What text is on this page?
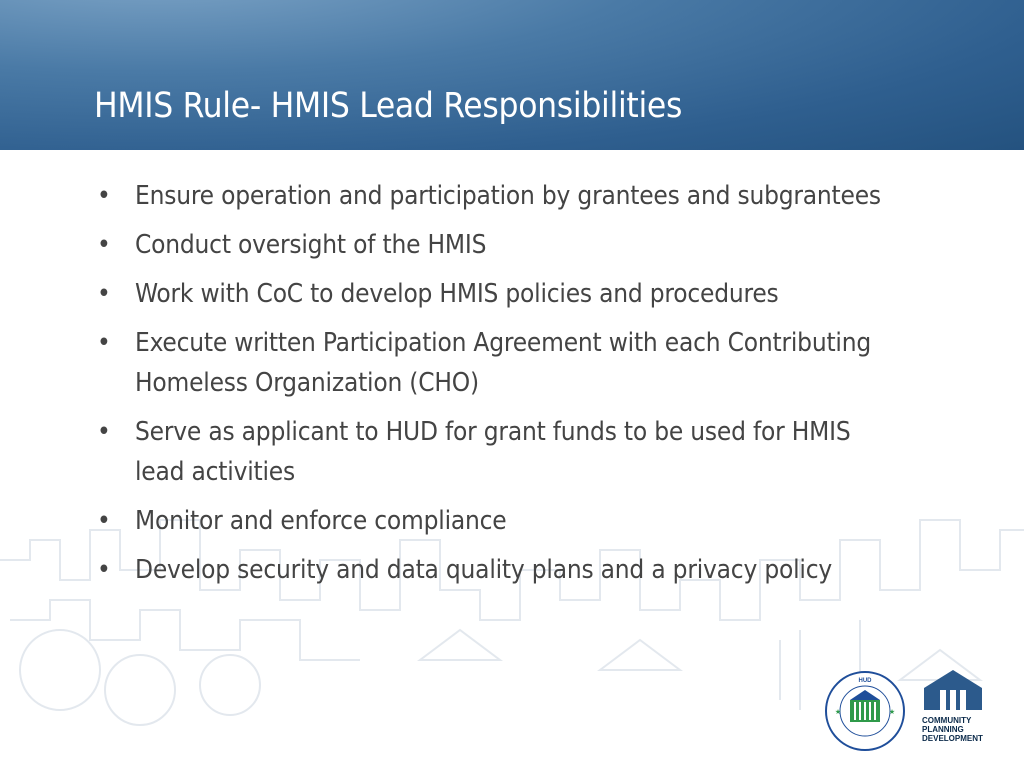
HMIS Rule- HMIS Lead Responsibilities
• Ensure operation and participation by grantees and subgrantees
• Conduct oversight of the HMIS
• Work with CoC to develop HMIS policies and procedures
• Execute written Participation Agreement with each Contributing Homeless Organization (CHO)
• Serve as applicant to HUD for grant funds to be used for HMIS lead activities
• Monitor and enforce compliance
• Develop security and data quality plans and a privacy policy
HUD
★	★
COMMUNITY
PLANNING
DEVELOPMENT
